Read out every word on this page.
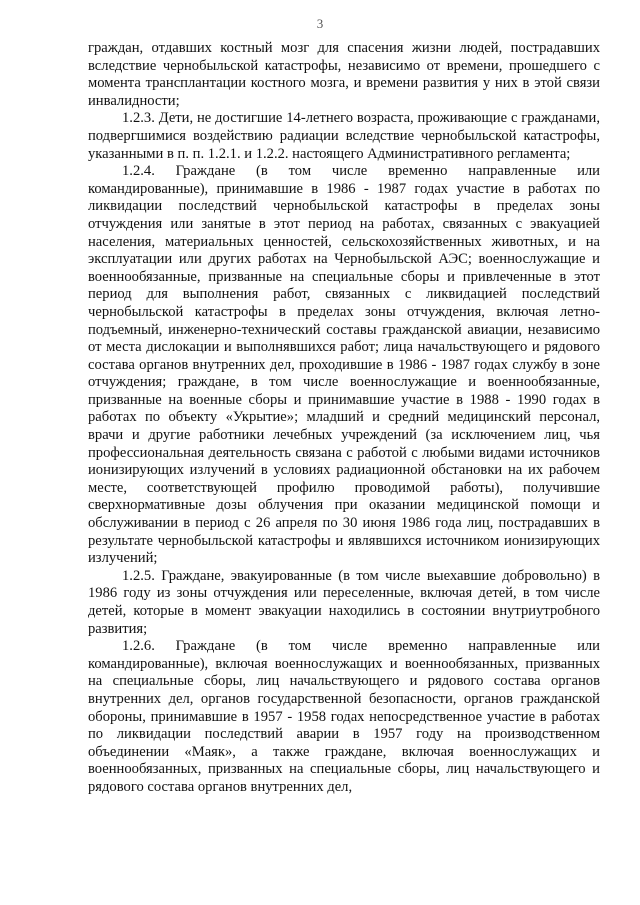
3

граждан, отдавших костный мозг для спасения жизни людей, пострадавших вследствие чернобыльской катастрофы, независимо от времени, прошедшего с момента трансплантации костного мозга, и времени развития у них в этой связи инвалидности;

1.2.3. Дети, не достигшие 14-летнего возраста, проживающие с гражданами, подвергшимися воздействию радиации вследствие чернобыльской катастрофы, указанными в п. п. 1.2.1. и 1.2.2. настоящего Административного регламента;

1.2.4. Граждане (в том числе временно направленные или командированные), принимавшие в 1986 - 1987 годах участие в работах по ликвидации последствий чернобыльской катастрофы в пределах зоны отчуждения или занятые в этот период на работах, связанных с эвакуацией населения, материальных ценностей, сельскохозяйственных животных, и на эксплуатации или других работах на Чернобыльской АЭС; военнослужащие и военнообязанные, призванные на специальные сборы и привлеченные в этот период для выполнения работ, связанных с ликвидацией последствий чернобыльской катастрофы в пределах зоны отчуждения, включая летно-подъемный, инженерно-технический составы гражданской авиации, независимо от места дислокации и выполнявшихся работ; лица начальствующего и рядового состава органов внутренних дел, проходившие в 1986 - 1987 годах службу в зоне отчуждения; граждане, в том числе военнослужащие и военнообязанные, призванные на военные сборы и принимавшие участие в 1988 - 1990 годах в работах по объекту «Укрытие»; младший и средний медицинский персонал, врачи и другие работники лечебных учреждений (за исключением лиц, чья профессиональная деятельность связана с работой с любыми видами источников ионизирующих излучений в условиях радиационной обстановки на их рабочем месте, соответствующей профилю проводимой работы), получившие сверхнормативные дозы облучения при оказании медицинской помощи и обслуживании в период с 26 апреля по 30 июня 1986 года лиц, пострадавших в результате чернобыльской катастрофы и являвшихся источником ионизирующих излучений;

1.2.5. Граждане, эвакуированные (в том числе выехавшие добровольно) в 1986 году из зоны отчуждения или переселенные, включая детей, в том числе детей, которые в момент эвакуации находились в состоянии внутриутробного развития;

1.2.6. Граждане (в том числе временно направленные или командированные), включая военнослужащих и военнообязанных, призванных на специальные сборы, лиц начальствующего и рядового состава органов внутренних дел, органов государственной безопасности, органов гражданской обороны, принимавшие в 1957 - 1958 годах непосредственное участие в работах по ликвидации последствий аварии в 1957 году на производственном объединении «Маяк», а также граждане, включая военнослужащих и военнообязанных, призванных на специальные сборы, лиц начальствующего и рядового состава органов внутренних дел,
